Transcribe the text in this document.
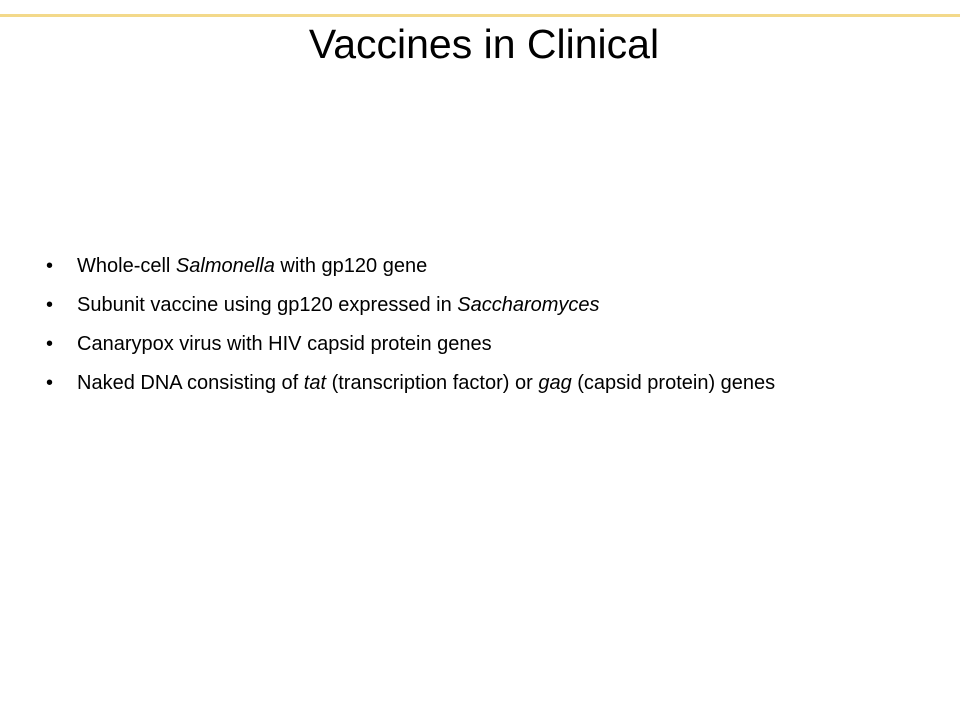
Vaccines in Clinical
• Whole-cell Salmonella with gp120 gene
• Subunit vaccine using gp120 expressed in Saccharomyces
• Canarypox virus with HIV capsid protein genes
• Naked DNA consisting of tat (transcription factor) or gag (capsid protein) genes
